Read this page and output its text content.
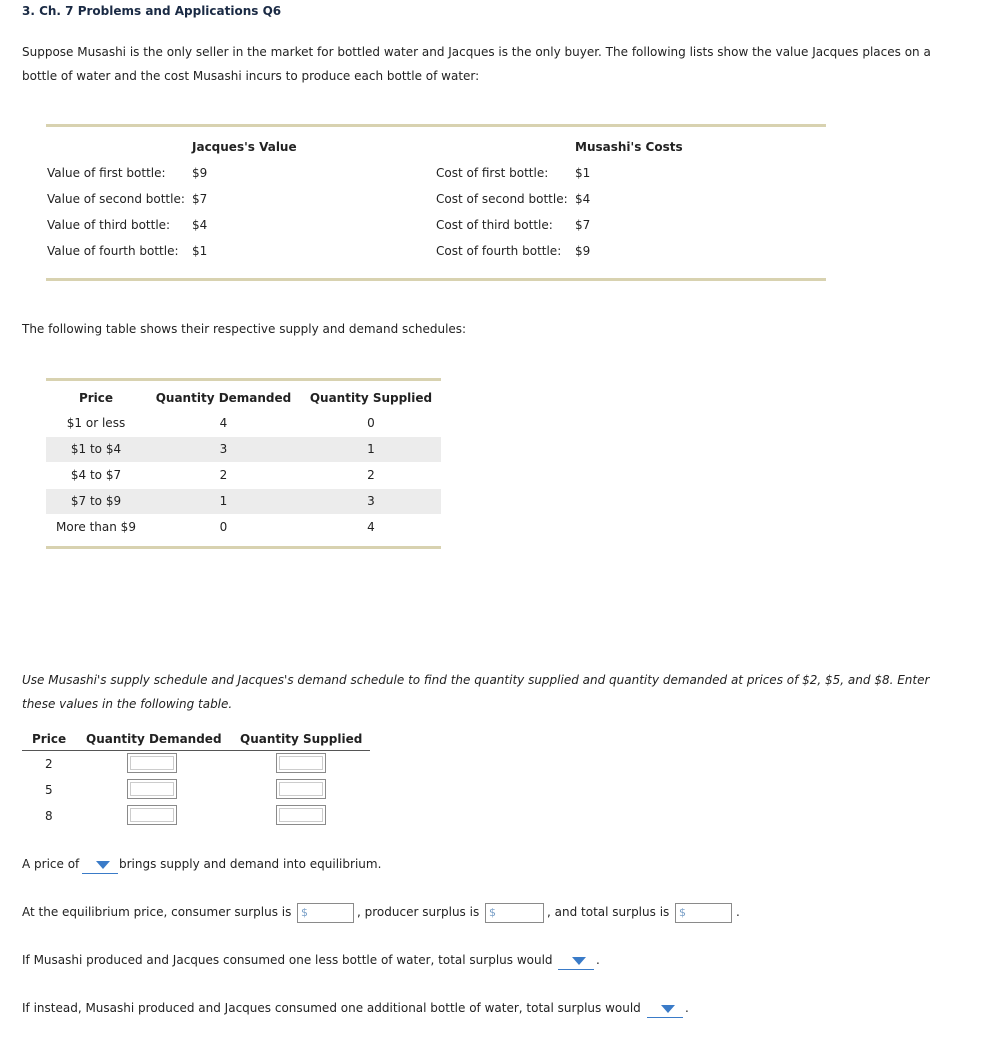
3. Ch. 7 Problems and Applications Q6
Suppose Musashi is the only seller in the market for bottled water and Jacques is the only buyer. The following lists show the value Jacques places on a bottle of water and the cost Musashi incurs to produce each bottle of water:
Jacques's Value	Musashi's Costs
Value of first bottle: $9
Value of second bottle: $7
Value of third bottle: $4
Value of fourth bottle: $1
Cost of first bottle: $1
Cost of second bottle: $4
Cost of third bottle: $7
Cost of fourth bottle: $9
The following table shows their respective supply and demand schedules:
Price	Quantity Demanded	Quantity Supplied
$1 or less	4	0
$1 to $4	3	1
$4 to $7	2	2
$7 to $9	1	3
More than $9	0	4
Use Musashi's supply schedule and Jacques's demand schedule to find the quantity supplied and quantity demanded at prices of $2, $5, and $8. Enter these values in the following table.
Price Quantity Demanded Quantity Supplied
2
5
8
A price of	brings supply and demand into equilibrium.
At the equilibrium price, consumer surplus is $	, producer surplus is $	, and total surplus is $	.
If Musashi produced and Jacques consumed one less bottle of water, total surplus would	.
If instead, Musashi produced and Jacques consumed one additional bottle of water, total surplus would	.
